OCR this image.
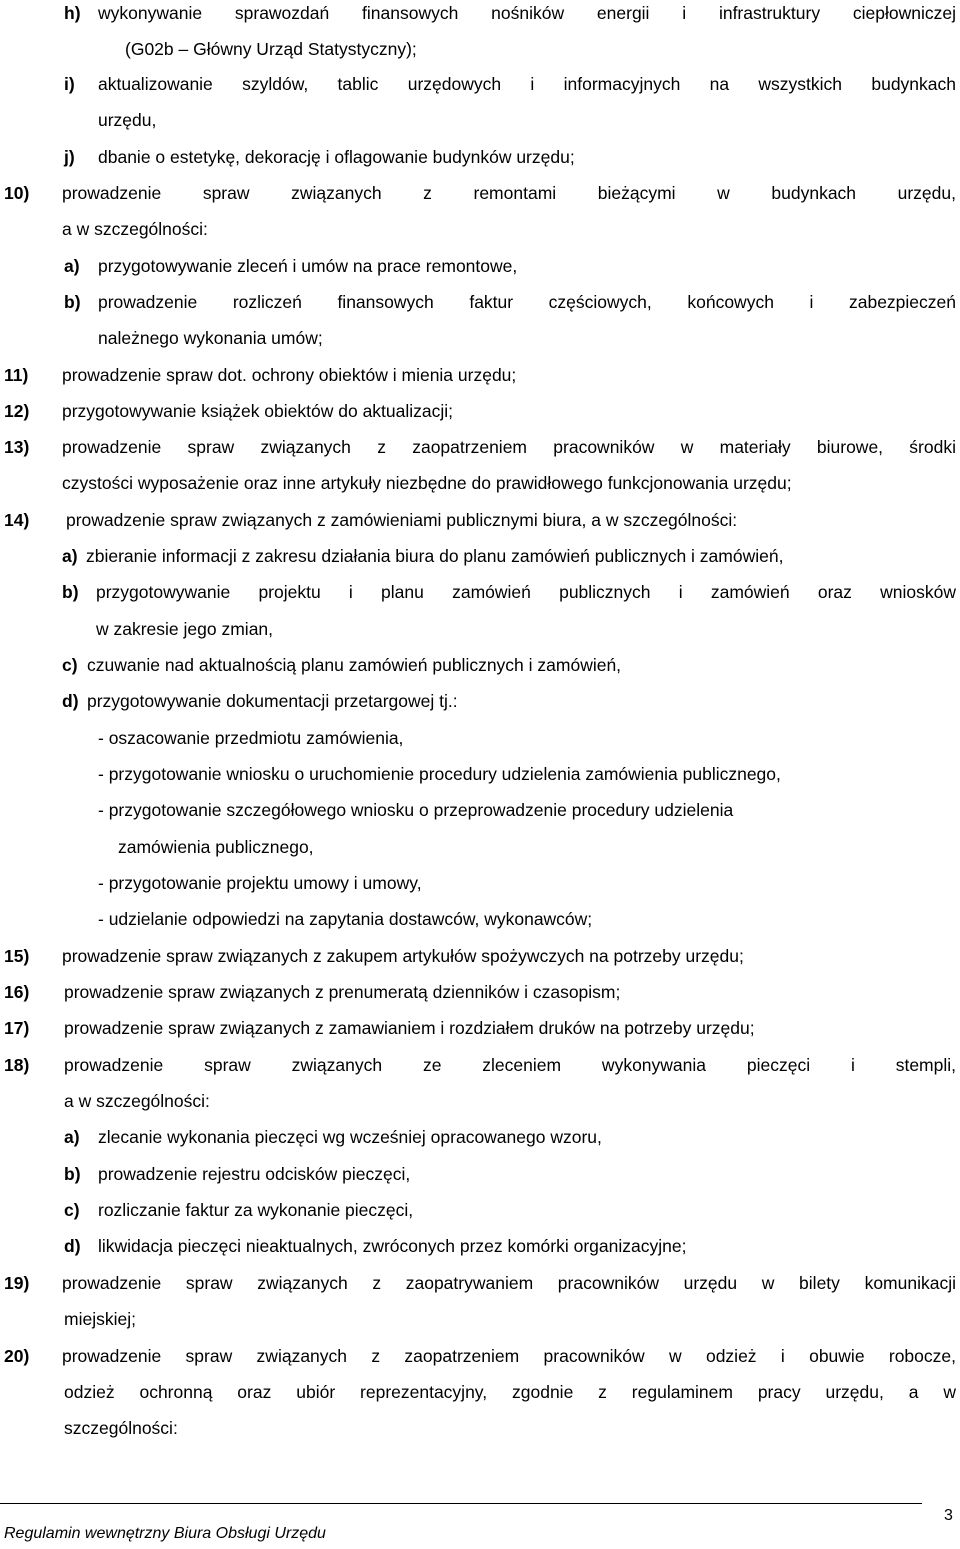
h) wykonywanie sprawozdań finansowych nośników energii i infrastruktury ciepłowniczej
(G02b – Główny Urząd Statystyczny);
i) aktualizowanie szyldów, tablic urzędowych i informacyjnych na wszystkich budynkach
urzędu,
j) dbanie o estetykę, dekorację i oflagowanie budynków urzędu;
10) prowadzenie spraw związanych z remontami bieżącymi w budynkach urzędu,
a w szczególności:
a) przygotowywanie zleceń i umów na prace remontowe,
b) prowadzenie rozliczeń finansowych faktur częściowych, końcowych i zabezpieczeń
należnego wykonania umów;
11) prowadzenie spraw dot. ochrony obiektów i mienia urzędu;
12) przygotowywanie książek obiektów do aktualizacji;
13) prowadzenie spraw związanych z zaopatrzeniem pracowników w materiały biurowe, środki
czystości wyposażenie oraz inne artykuły niezbędne do prawidłowego funkcjonowania urzędu;
14) prowadzenie spraw związanych z zamówieniami publicznymi biura, a w szczególności:
a) zbieranie informacji z zakresu działania biura do planu zamówień publicznych i zamówień,
b) przygotowywanie projektu i planu zamówień publicznych i zamówień oraz wniosków
w zakresie jego zmian,
c) czuwanie nad aktualnością planu zamówień publicznych i zamówień,
d) przygotowywanie dokumentacji przetargowej tj.:
- oszacowanie przedmiotu zamówienia,
- przygotowanie wniosku o uruchomienie procedury udzielenia zamówienia publicznego,
- przygotowanie szczegółowego wniosku o przeprowadzenie procedury udzielenia
zamówienia publicznego,
- przygotowanie projektu umowy i umowy,
- udzielanie odpowiedzi na zapytania dostawców, wykonawców;
15) prowadzenie spraw związanych z zakupem artykułów spożywczych na potrzeby urzędu;
16) prowadzenie spraw związanych z prenumeratą dzienników i czasopism;
17) prowadzenie spraw związanych z zamawianiem i rozdziałem druków na potrzeby urzędu;
18) prowadzenie spraw związanych ze zleceniem wykonywania pieczęci i stempli,
a w szczególności:
a) zlecanie wykonania pieczęci wg wcześniej opracowanego wzoru,
b) prowadzenie rejestru odcisków pieczęci,
c) rozliczanie faktur za wykonanie pieczęci,
d) likwidacja pieczęci nieaktualnych, zwróconych przez komórki organizacyjne;
19) prowadzenie spraw związanych z zaopatrywaniem pracowników urzędu w bilety komunikacji
miejskiej;
20) prowadzenie spraw związanych z zaopatrzeniem pracowników w odzież i obuwie robocze,
odzież ochronną oraz ubiór reprezentacyjny, zgodnie z regulaminem pracy urzędu, a w
szczególności:
Regulamin wewnętrzny Biura Obsługi Urzędu
3
